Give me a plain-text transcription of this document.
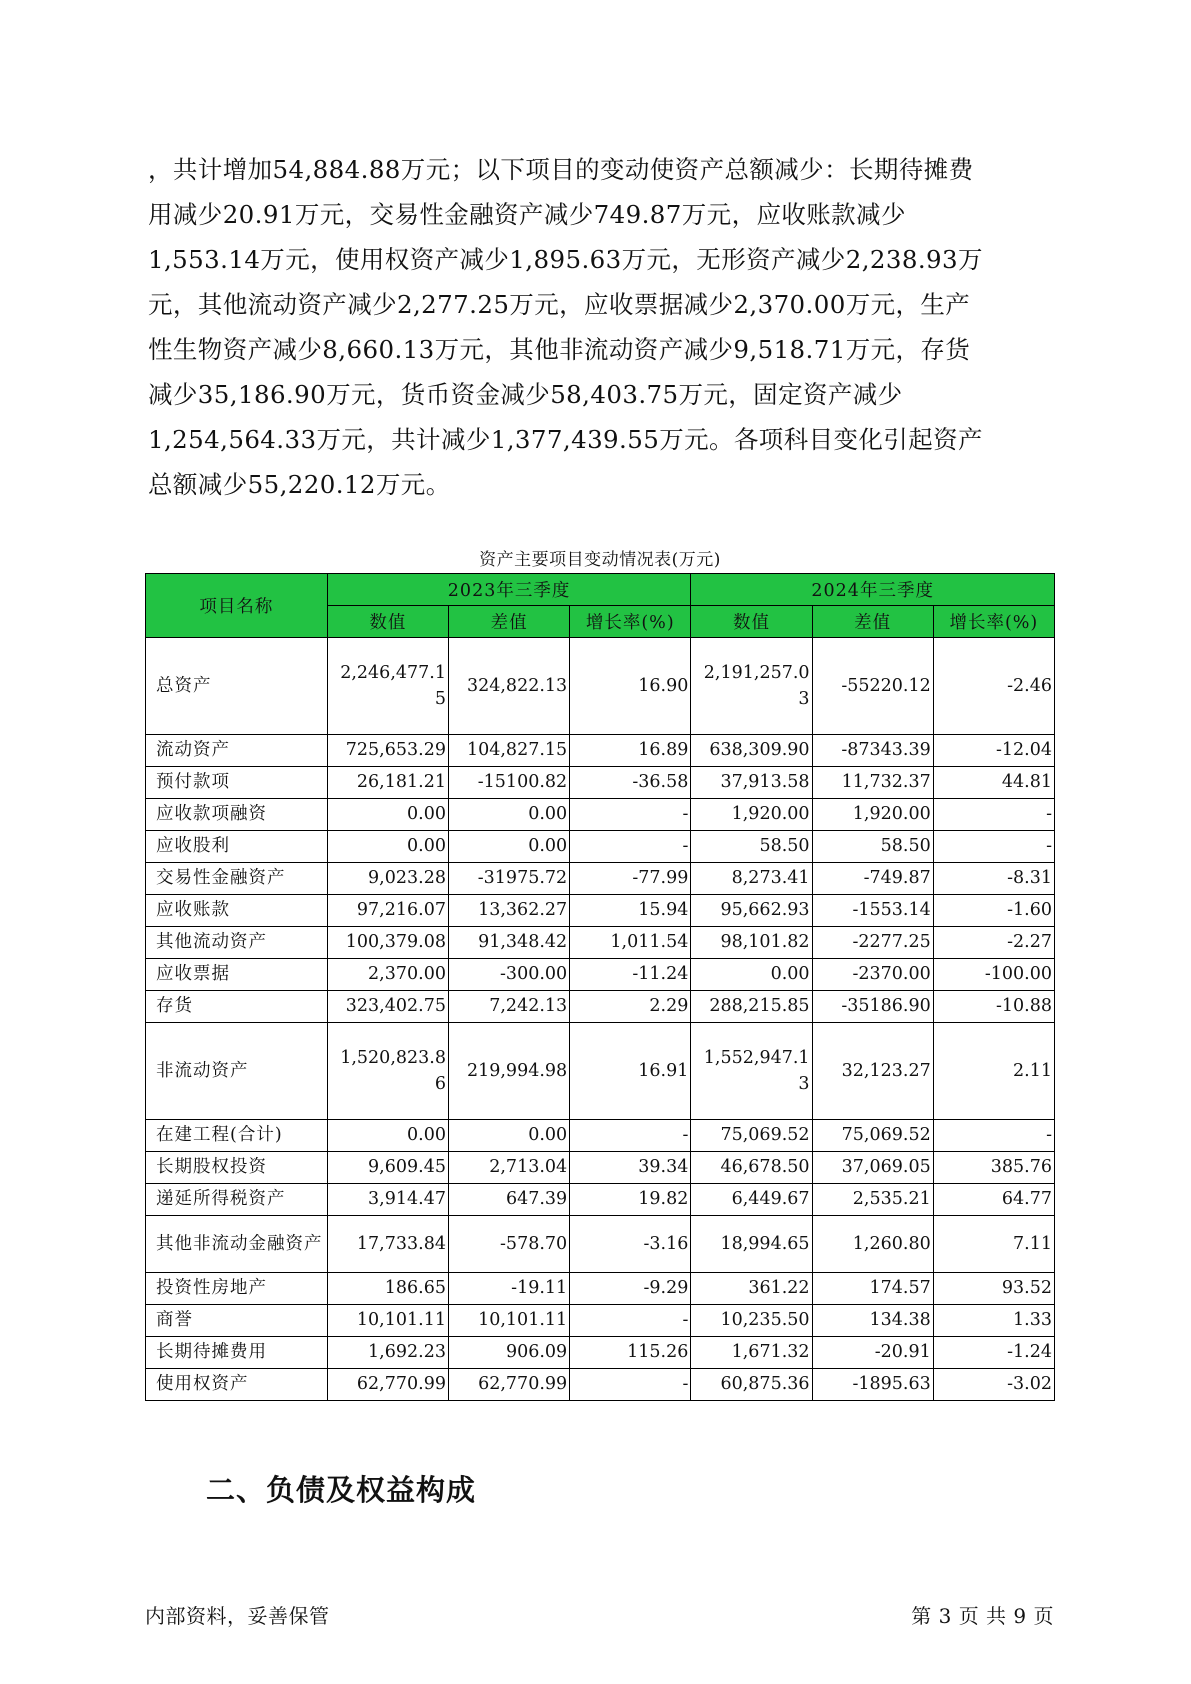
，共计增加54,884.88万元；以下项目的变动使资产总额减少：长期待摊费

用减少20.91万元，交易性金融资产减少749.87万元，应收账款减少

1,553.14万元，使用权资产减少1,895.63万元，无形资产减少2,238.93万

元，其他流动资产减少2,277.25万元，应收票据减少2,370.00万元，生产

性生物资产减少8,660.13万元，其他非流动资产减少9,518.71万元，存货

减少35,186.90万元，货币资金减少58,403.75万元，固定资产减少

1,254,564.33万元，共计减少1,377,439.55万元。各项科目变化引起资产

总额减少55,220.12万元。

资产主要项目变动情况表(万元)
项目名称	2023年三季度			2024年三季度		
	数值	差值	增长率(%)	数值	差值	增长率(%)
总资产	2,246,477.15	324,822.13	16.90	2,191,257.03	-55220.12	-2.46
流动资产	725,653.29	104,827.15	16.89	638,309.90	-87343.39	-12.04
预付款项	26,181.21	-15100.82	-36.58	37,913.58	11,732.37	44.81
应收款项融资	0.00	0.00	-	1,920.00	1,920.00	-
应收股利	0.00	0.00	-	58.50	58.50	-
交易性金融资产	9,023.28	-31975.72	-77.99	8,273.41	-749.87	-8.31
应收账款	97,216.07	13,362.27	15.94	95,662.93	-1553.14	-1.60
其他流动资产	100,379.08	91,348.42	1,011.54	98,101.82	-2277.25	-2.27
应收票据	2,370.00	-300.00	-11.24	0.00	-2370.00	-100.00
存货	323,402.75	7,242.13	2.29	288,215.85	-35186.90	-10.88
非流动资产	1,520,823.86	219,994.98	16.91	1,552,947.13	32,123.27	2.11
在建工程(合计)	0.00	0.00	-	75,069.52	75,069.52	-
长期股权投资	9,609.45	2,713.04	39.34	46,678.50	37,069.05	385.76
递延所得税资产	3,914.47	647.39	19.82	6,449.67	2,535.21	64.77
其他非流动金融资产	17,733.84	-578.70	-3.16	18,994.65	1,260.80	7.11
投资性房地产	186.65	-19.11	-9.29	361.22	174.57	93.52
商誉	10,101.11	10,101.11	-	10,235.50	134.38	1.33
长期待摊费用	1,692.23	906.09	115.26	1,671.32	-20.91	-1.24
使用权资产	62,770.99	62,770.99	-	60,875.36	-1895.63	-3.02
二、负债及权益构成
内部资料，妥善保管	第 3 页 共 9 页
